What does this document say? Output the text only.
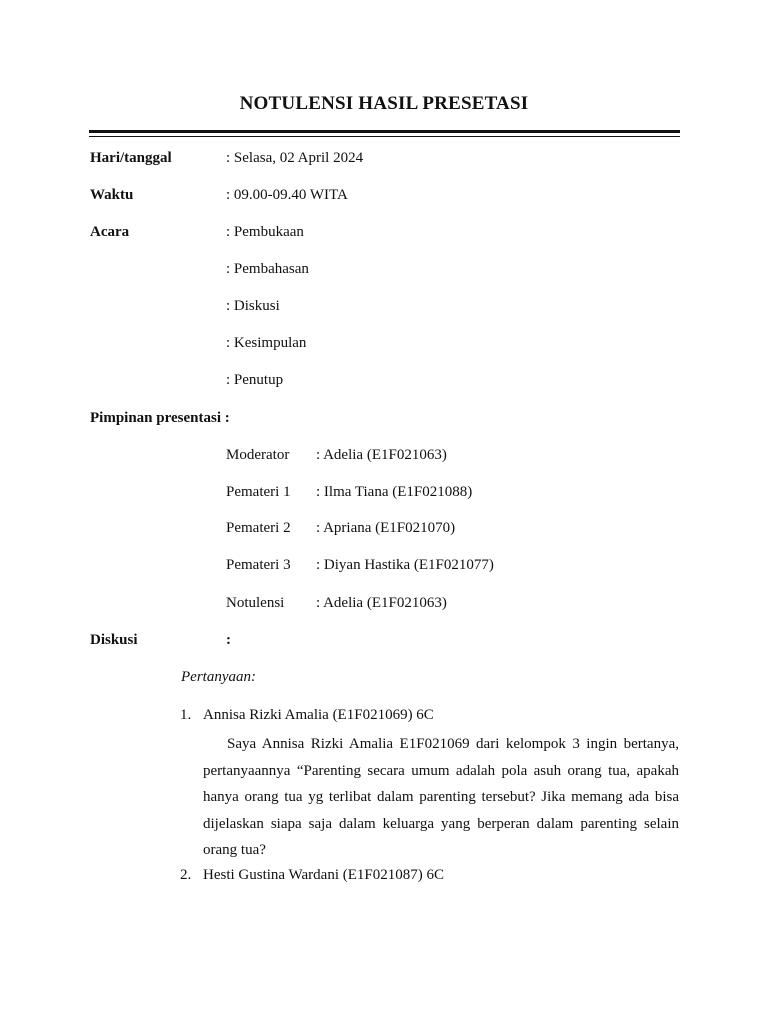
NOTULENSI HASIL PRESETASI
Hari/tanggal	: Selasa, 02 April 2024
Waktu	: 09.00-09.40 WITA
Acara	: Pembukaan
: Pembahasan
: Diskusi
: Kesimpulan
: Penutup
Pimpinan presentasi :
Moderator : Adelia (E1F021063)
Pemateri 1 : Ilma Tiana (E1F021088)
Pemateri 2 : Apriana (E1F021070)
Pemateri 3 : Diyan Hastika (E1F021077)
Notulensi : Adelia (E1F021063)
Diskusi	:
Pertanyaan:
1. Annisa Rizki Amalia (E1F021069) 6C

Saya Annisa Rizki Amalia E1F021069 dari kelompok 3 ingin bertanya, pertanyaannya “Parenting secara umum adalah pola asuh orang tua, apakah hanya orang tua yg terlibat dalam parenting tersebut? Jika memang ada bisa dijelaskan siapa saja dalam keluarga yang berperan dalam parenting selain orang tua?

2. Hesti Gustina Wardani (E1F021087) 6C
